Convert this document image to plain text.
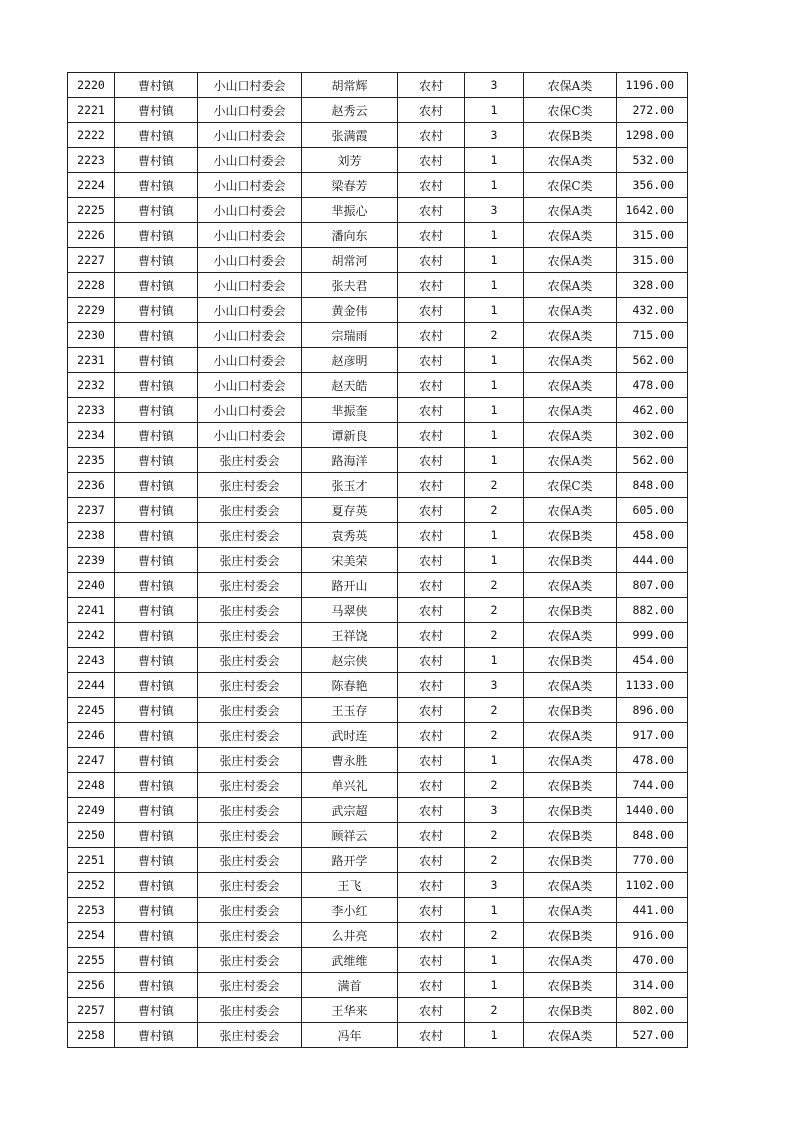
2220	曹村镇	小山口村委会	胡常辉	农村	3	农保A类	1196.00
2221	曹村镇	小山口村委会	赵秀云	农村	1	农保C类	272.00
2222	曹村镇	小山口村委会	张满霞	农村	3	农保B类	1298.00
2223	曹村镇	小山口村委会	刘芳	农村	1	农保A类	532.00
2224	曹村镇	小山口村委会	梁春芳	农村	1	农保C类	356.00
2225	曹村镇	小山口村委会	芈振心	农村	3	农保A类	1642.00
2226	曹村镇	小山口村委会	潘向东	农村	1	农保A类	315.00
2227	曹村镇	小山口村委会	胡常河	农村	1	农保A类	315.00
2228	曹村镇	小山口村委会	张夫君	农村	1	农保A类	328.00
2229	曹村镇	小山口村委会	黄金伟	农村	1	农保A类	432.00
2230	曹村镇	小山口村委会	宗瑞雨	农村	2	农保A类	715.00
2231	曹村镇	小山口村委会	赵彦明	农村	1	农保A类	562.00
2232	曹村镇	小山口村委会	赵天皓	农村	1	农保A类	478.00
2233	曹村镇	小山口村委会	芈振奎	农村	1	农保A类	462.00
2234	曹村镇	小山口村委会	谭新良	农村	1	农保A类	302.00
2235	曹村镇	张庄村委会	路海洋	农村	1	农保A类	562.00
2236	曹村镇	张庄村委会	张玉才	农村	2	农保C类	848.00
2237	曹村镇	张庄村委会	夏存英	农村	2	农保A类	605.00
2238	曹村镇	张庄村委会	袁秀英	农村	1	农保B类	458.00
2239	曹村镇	张庄村委会	宋美荣	农村	1	农保B类	444.00
2240	曹村镇	张庄村委会	路开山	农村	2	农保A类	807.00
2241	曹村镇	张庄村委会	马翠侠	农村	2	农保B类	882.00
2242	曹村镇	张庄村委会	王祥饶	农村	2	农保A类	999.00
2243	曹村镇	张庄村委会	赵宗侠	农村	1	农保B类	454.00
2244	曹村镇	张庄村委会	陈春艳	农村	3	农保A类	1133.00
2245	曹村镇	张庄村委会	王玉存	农村	2	农保B类	896.00
2246	曹村镇	张庄村委会	武时连	农村	2	农保A类	917.00
2247	曹村镇	张庄村委会	曹永胜	农村	1	农保A类	478.00
2248	曹村镇	张庄村委会	单兴礼	农村	2	农保B类	744.00
2249	曹村镇	张庄村委会	武宗超	农村	3	农保B类	1440.00
2250	曹村镇	张庄村委会	顾祥云	农村	2	农保B类	848.00
2251	曹村镇	张庄村委会	路开学	农村	2	农保B类	770.00
2252	曹村镇	张庄村委会	王飞	农村	3	农保A类	1102.00
2253	曹村镇	张庄村委会	李小红	农村	1	农保A类	441.00
2254	曹村镇	张庄村委会	么井亮	农村	2	农保B类	916.00
2255	曹村镇	张庄村委会	武维维	农村	1	农保A类	470.00
2256	曹村镇	张庄村委会	满首	农村	1	农保B类	314.00
2257	曹村镇	张庄村委会	王华来	农村	2	农保B类	802.00
2258	曹村镇	张庄村委会	冯年	农村	1	农保A类	527.00
